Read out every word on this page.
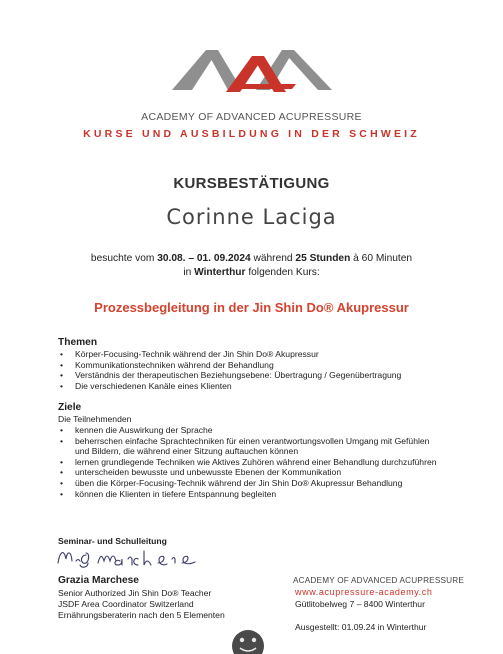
ACADEMY OF ADVANCED ACUPRESSURE
KURSE UND AUSBILDUNG IN DER SCHWEIZ
KURSBESTÄTIGUNG
Corinne Laciga
besuchte vom 30.08. – 01. 09.2024 während 25 Stunden à 60 Minuten
in Winterthur folgenden Kurs:
Prozessbegleitung in der Jin Shin Do® Akupressur
Themen
• Körper-Focusing-Technik während der Jin Shin Do® Akupressur
• Kommunikationstechniken während der Behandlung
• Verständnis der therapeutischen Beziehungsebene: Übertragung / Gegenübertragung
• Die verschiedenen Kanäle eines Klienten
Ziele
Die Teilnehmenden
• kennen die Auswirkung der Sprache
• beherrschen einfache Sprachtechniken für einen verantwortungsvollen Umgang mit Gefühlen und Bildern, die während einer Sitzung auftauchen können
• lernen grundlegende Techniken wie Aktives Zuhören während einer Behandlung durchzuführen
• unterscheiden bewusste und unbewusste Ebenen der Kommunikation
• üben die Körper-Focusing-Technik während der Jin Shin Do® Akupressur Behandlung
• können die Klienten in tiefere Entspannung begleiten
Seminar- und Schulleitung
Grazia Marchese
Senior Authorized Jin Shin Do® Teacher
JSDF Area Coordinator Switzerland
Ernährungsberaterin nach den 5 Elementen
ACADEMY OF ADVANCED ACUPRESSURE
www.acupressure-academy.ch
Gütlitobelweg 7 – 8400 Winterthur
Ausgestellt: 01.09.24 in Winterthur
